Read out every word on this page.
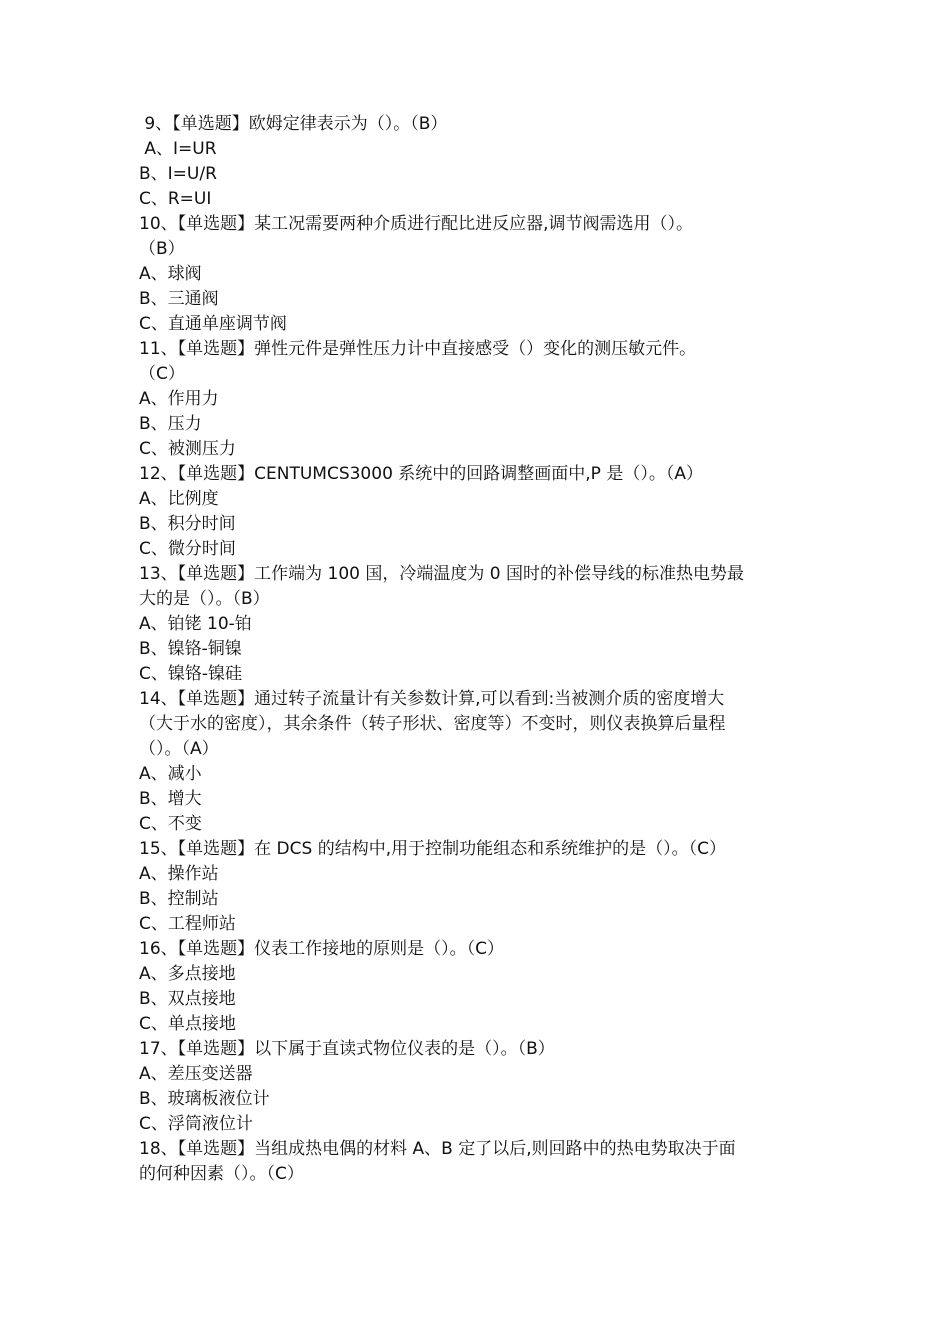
9、【单选题】欧姆定律表示为（）。（B）
A、I=UR
B、I=U/R
C、R=UI
10、【单选题】某工况需要两种介质进行配比进反应器,调节阀需选用（）。
（B）
A、球阀
B、三通阀
C、直通单座调节阀
11、【单选题】弹性元件是弹性压力计中直接感受（）变化的测压敏元件。
（C）
A、作用力
B、压力
C、被测压力
12、【单选题】CENTUMCS3000 系统中的回路调整画面中,P 是（）。（A）
A、比例度
B、积分时间
C、微分时间
13、【单选题】工作端为 100 国，冷端温度为 0 国时的补偿导线的标准热电势最
大的是（）。（B）
A、铂铑 10-铂
B、镍铬-铜镍
C、镍铬-镍硅
14、【单选题】通过转子流量计有关参数计算,可以看到:当被测介质的密度增大
（大于水的密度），其余条件（转子形状、密度等）不变时，则仪表换算后量程
（）。（A）
A、减小
B、增大
C、不变
15、【单选题】在 DCS 的结构中,用于控制功能组态和系统维护的是（）。（C）
A、操作站
B、控制站
C、工程师站
16、【单选题】仪表工作接地的原则是（）。（C）
A、多点接地
B、双点接地
C、单点接地
17、【单选题】以下属于直读式物位仪表的是（）。（B）
A、差压变送器
B、玻璃板液位计
C、浮筒液位计
18、【单选题】当组成热电偶的材料 A、B 定了以后,则回路中的热电势取决于面
的何种因素（）。（C）
